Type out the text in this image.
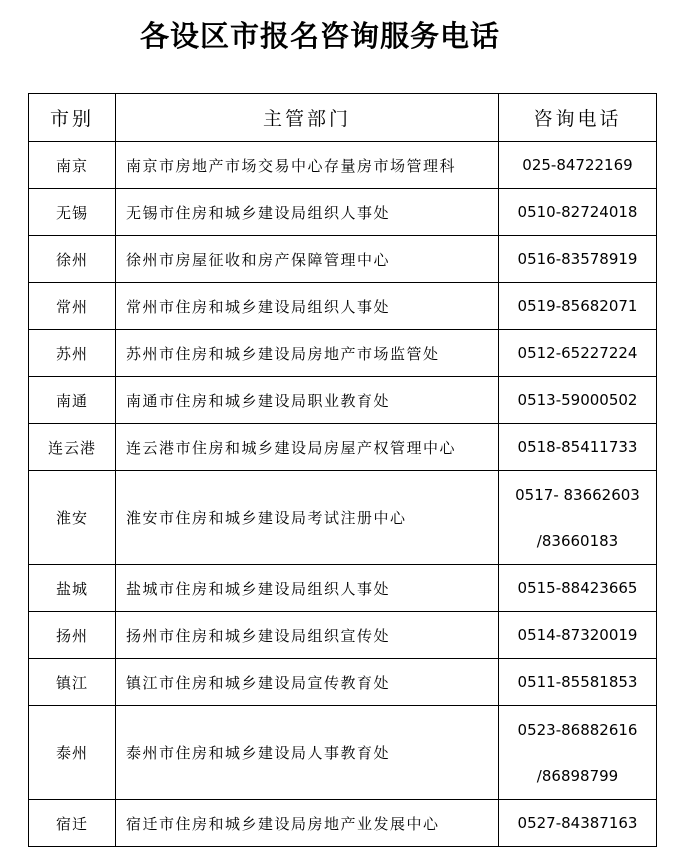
各设区市报名咨询服务电话
市别	主管部门	咨询电话
南京	南京市房地产市场交易中心存量房市场管理科	025-84722169

无锡	无锡市住房和城乡建设局组织人事处	0510-82724018

徐州	徐州市房屋征收和房产保障管理中心	0516-83578919

常州	常州市住房和城乡建设局组织人事处	0519-85682071

苏州	苏州市住房和城乡建设局房地产市场监管处	0512-65227224

南通	南通市住房和城乡建设局职业教育处	0513-59000502

连云港	连云港市住房和城乡建设局房屋产权管理中心	0518-85411733

淮安	淮安市住房和城乡建设局考试注册中心	0517- 83662603
/83660183

盐城	盐城市住房和城乡建设局组织人事处	0515-88423665

扬州	扬州市住房和城乡建设局组织宣传处	0514-87320019

镇江	镇江市住房和城乡建设局宣传教育处	0511-85581853

泰州	泰州市住房和城乡建设局人事教育处	0523-86882616
/86898799

宿迁	宿迁市住房和城乡建设局房地产业发展中心	0527-84387163
